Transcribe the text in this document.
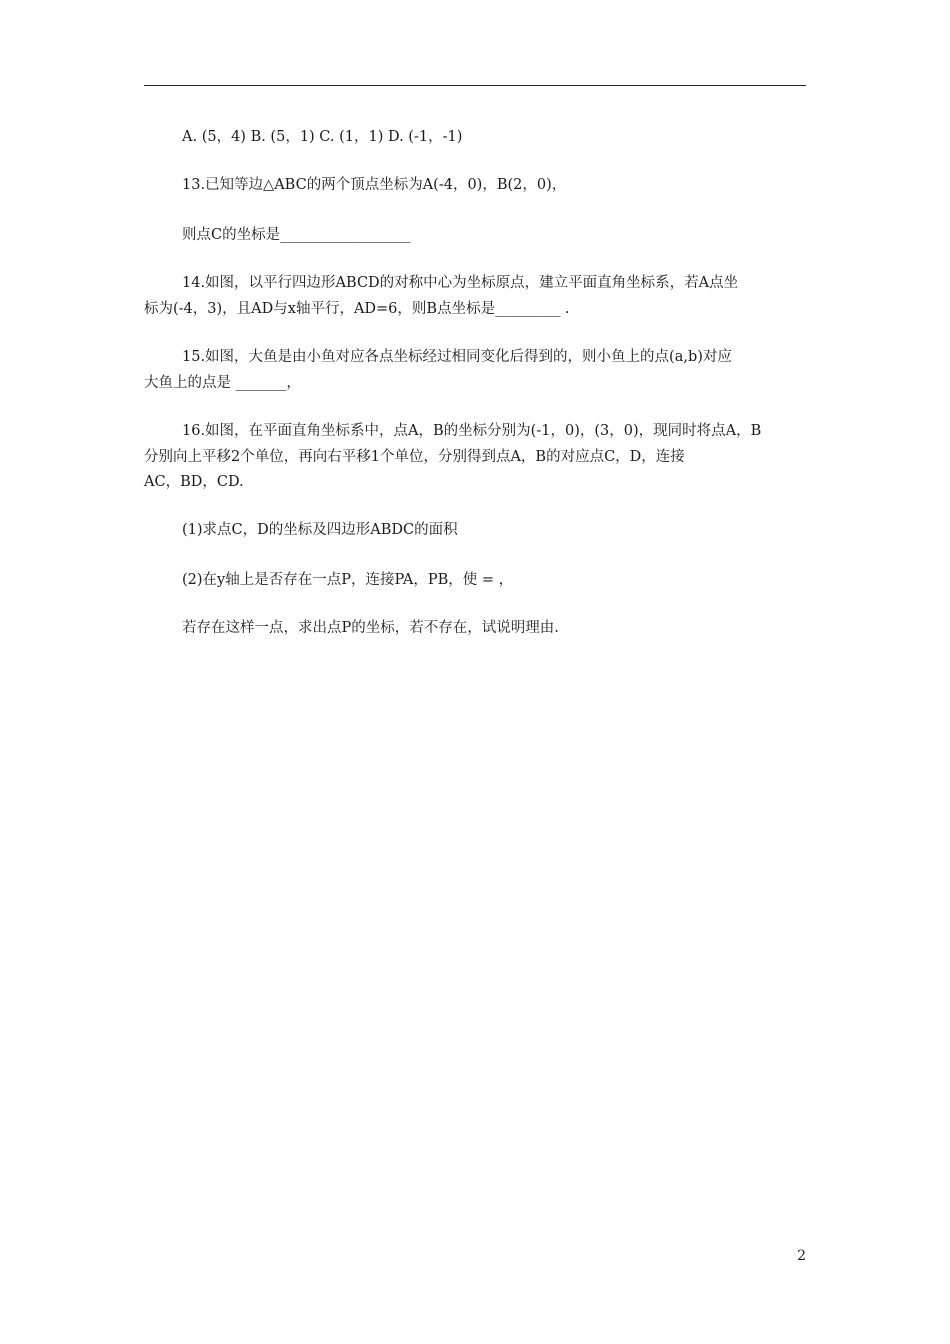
A. (5，4) B. (5，1) C. (1，1) D. (-1，-1)
13.已知等边△ABC的两个顶点坐标为A(-4，0)，B(2，0)，
则点C的坐标是__________________
14.如图，以平行四边形ABCD的对称中心为坐标原点，建立平面直角坐标系，若A点坐
标为(-4，3)，且AD与x轴平行，AD=6，则B点坐标是_________ .
15.如图，大鱼是由小鱼对应各点坐标经过相同变化后得到的，则小鱼上的点(a,b)对应
大鱼上的点是 _______，
16.如图，在平面直角坐标系中，点A，B的坐标分别为(-1，0)，(3，0)，现同时将点A，B
分别向上平移2个单位，再向右平移1个单位，分别得到点A，B的对应点C，D，连接
AC，BD，CD.
(1)求点C，D的坐标及四边形ABDC的面积
(2)在y轴上是否存在一点P，连接PA，PB，使 = ，
若存在这样一点，求出点P的坐标，若不存在，试说明理由.
2
